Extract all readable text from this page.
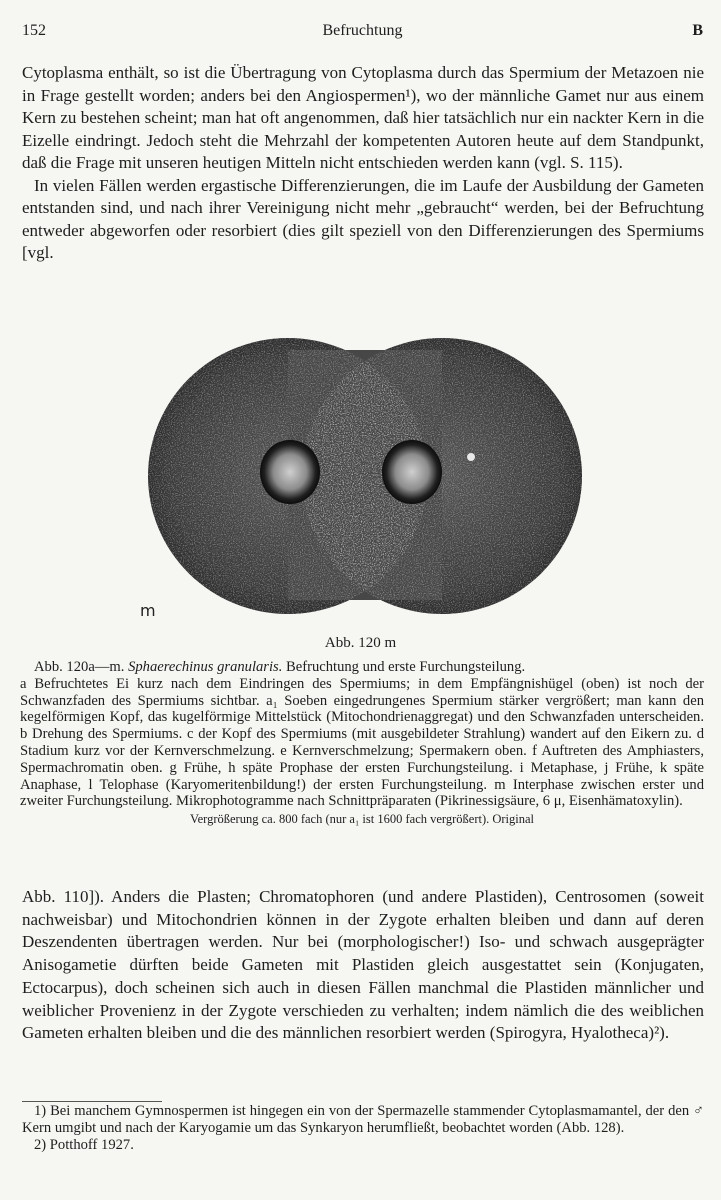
152	Befruchtung	B

Cytoplasma enthält, so ist die Übertragung von Cytoplasma durch das Spermium der Metazoen nie in Frage gestellt worden; anders bei den Angiospermen¹), wo der männliche Gamet nur aus einem Kern zu bestehen scheint; man hat oft angenommen, daß hier tatsächlich nur ein nackter Kern in die Eizelle eindringt. Jedoch steht die Mehrzahl der kompetenten Autoren heute auf dem Standpunkt, daß die Frage mit unseren heutigen Mitteln nicht entschieden werden kann (vgl. S. 115).

In vielen Fällen werden ergastische Differenzierungen, die im Laufe der Ausbildung der Gameten entstanden sind, und nach ihrer Vereinigung nicht mehr „gebraucht“ werden, bei der Befruchtung entweder abgeworfen oder resorbiert (dies gilt speziell von den Differenzierungen des Spermiums [vgl.

m
Abb. 120 m
Abb. 120a—m. Sphaerechinus granularis. Befruchtung und erste Furchungsteilung.
a Befruchtetes Ei kurz nach dem Eindringen des Spermiums; in dem Empfängnishügel (oben) ist noch der Schwanzfaden des Spermiums sichtbar. a₁ Soeben eingedrungenes Spermium stärker vergrößert; man kann den kegelförmigen Kopf, das kugelförmige Mittelstück (Mitochondrienaggregat) und den Schwanzfaden unterscheiden. b Drehung des Spermiums. c der Kopf des Spermiums (mit ausgebildeter Strahlung) wandert auf den Eikern zu. d Stadium kurz vor der Kernverschmelzung. e Kernverschmelzung; Spermakern oben. f Auftreten des Amphiasters, Spermachromatin oben. g Frühe, h späte Prophase der ersten Furchungsteilung. i Metaphase, j Frühe, k späte Anaphase, l Telophase (Karyomeritenbildung!) der ersten Furchungsteilung. m Interphase zwischen erster und zweiter Furchungsteilung. Mikrophotogramme nach Schnittpräparaten (Pikrinessigsäure, 6 μ, Eisenhämatoxylin).
Vergrößerung ca. 800 fach (nur a₁ ist 1600 fach vergrößert). Original

Abb. 110]). Anders die Plasten; Chromatophoren (und andere Plastiden), Centrosomen (soweit nachweisbar) und Mitochondrien können in der Zygote erhalten bleiben und dann auf deren Deszendenten übertragen werden. Nur bei (morphologischer!) Iso- und schwach ausgeprägter Anisogametie dürften beide Gameten mit Plastiden gleich ausgestattet sein (Konjugaten, Ectocarpus), doch scheinen sich auch in diesen Fällen manchmal die Plastiden männlicher und weiblicher Provenienz in der Zygote verschieden zu verhalten; indem nämlich die des weiblichen Gameten erhalten bleiben und die des männlichen resorbiert werden (Spirogyra, Hyalotheca)²).

1) Bei manchem Gymnospermen ist hingegen ein von der Spermazelle stammender Cytoplasmamantel, der den ♂ Kern umgibt und nach der Karyogamie um das Synkaryon herumfließt, beobachtet worden (Abb. 128).

2) Potthoff 1927.
